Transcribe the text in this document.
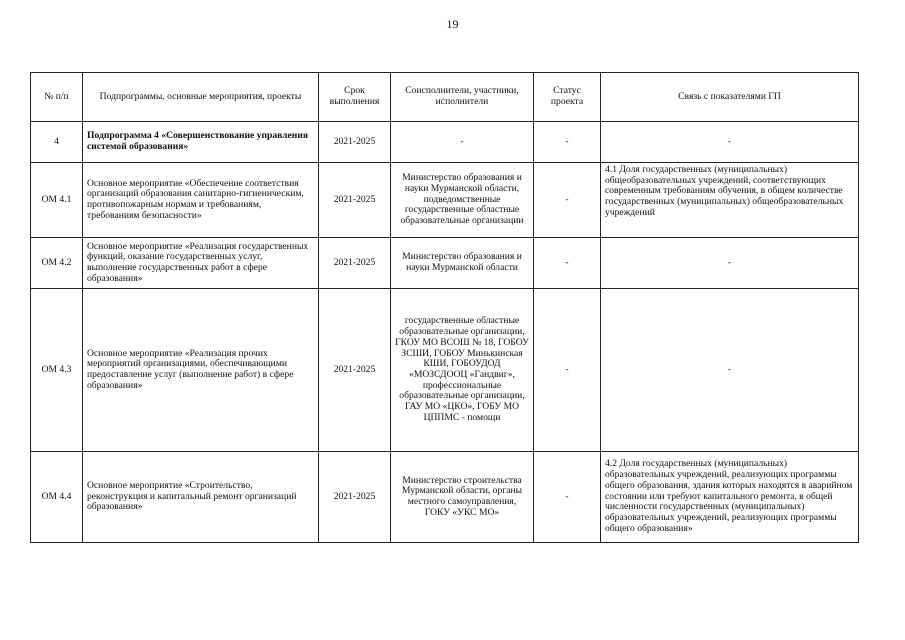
19
№ п/п	Подпрограммы, основные мероприятия, проекты	Срок выполнения	Соисполнители, участники, исполнители	Статус проекта	Связь с показателями ГП
4	Подпрограмма 4 «Совершенствование управления системой образования»	2021-2025	-	-	-
ОМ 4.1	Основное мероприятие «Обеспечение соответствия организаций образования санитарно-гигиеническим, противопожарным нормам и требованиям, требованиям безопасности»	2021-2025	Министерство образования и науки Мурманской области, подведомственные государственные областные образовательные организации	-	4.1 Доля государственных (муниципальных) общеобразовательных учреждений, соответствующих современным требованиям обучения, в общем количестве государственных (муниципальных) общеобразовательных учреждений
ОМ 4.2	Основное мероприятие «Реализация государственных функций, оказание государственных услуг, выполнение государственных работ в сфере образования»	2021-2025	Министерство образования и науки Мурманской области	-	-
ОМ 4.3	Основное мероприятие «Реализация прочих мероприятий организациями, обеспечивающими предоставление услуг (выполнение работ) в сфере образования»	2021-2025	государственные областные образовательные организации, ГКОУ МО ВСОШ № 18, ГОБОУ ЗСШИ, ГОБОУ Минькинская КШИ, ГОБОУДОД «МОЗСДООЦ «Гандвиг», профессиональные образовательные организации, ГАУ МО «ЦКО», ГОБУ МО ЦППМС - помощи	-	-
ОМ 4.4	Основное мероприятие «Строительство, реконструкция и капитальный ремонт организаций образования»	2021-2025	Министерство строительства Мурманской области, органы местного самоуправления, ГОКУ «УКС МО»	-	4.2 Доля государственных (муниципальных) образовательных учреждений, реализующих программы общего образования, здания которых находятся в аварийном состоянии или требуют капитального ремонта, в общей численности государственных (муниципальных) образовательных учреждений, реализующих программы общего образования»
